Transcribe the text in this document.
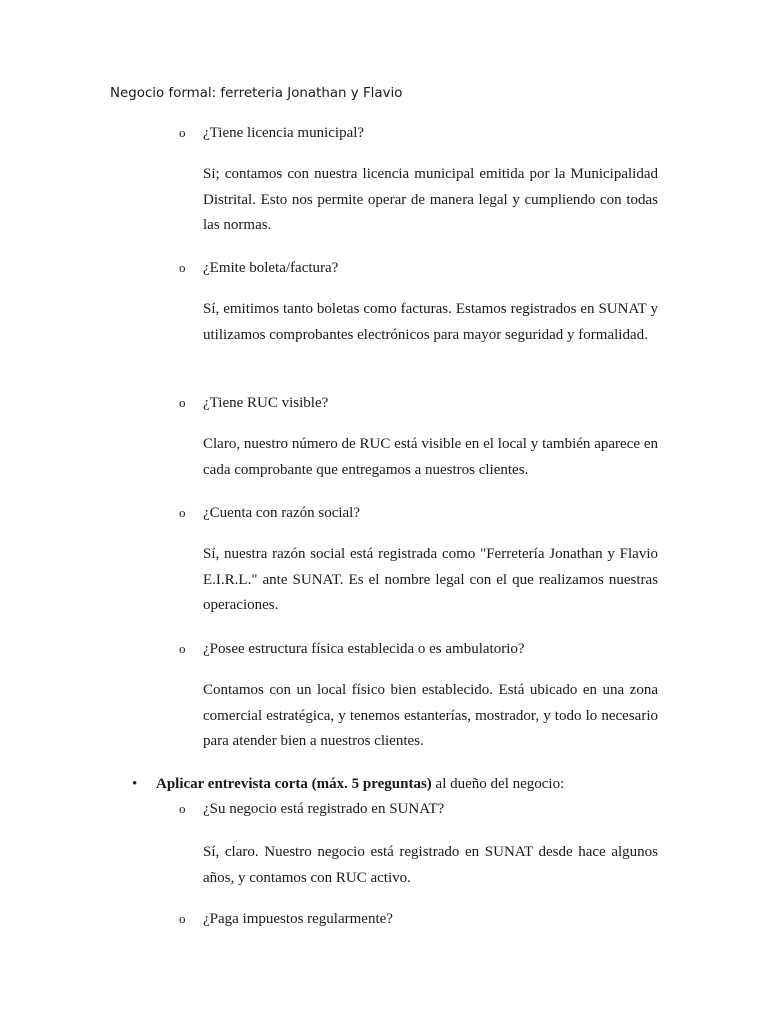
Negocio formal: ferreteria Jonathan y Flavio
o ¿Tiene licencia municipal?
Si; contamos con nuestra licencia municipal emitida por la Municipalidad Distrital. Esto nos permite operar de manera legal y cumpliendo con todas las normas.
o ¿Emite boleta/factura?
Sí, emitimos tanto boletas como facturas. Estamos registrados en SUNAT y utilizamos comprobantes electrónicos para mayor seguridad y formalidad.
o ¿Tiene RUC visible?
Claro, nuestro número de RUC está visible en el local y también aparece en cada comprobante que entregamos a nuestros clientes.
o ¿Cuenta con razón social?
Sí, nuestra razón social está registrada como "Ferretería Jonathan y Flavio E.I.R.L." ante SUNAT. Es el nombre legal con el que realizamos nuestras operaciones.
o ¿Posee estructura física establecida o es ambulatorio?
Contamos con un local físico bien establecido. Está ubicado en una zona comercial estratégica, y tenemos estanterías, mostrador, y todo lo necesario para atender bien a nuestros clientes.
• Aplicar entrevista corta (máx. 5 preguntas) al dueño del negocio:
o ¿Su negocio está registrado en SUNAT?
Sí, claro. Nuestro negocio está registrado en SUNAT desde hace algunos años, y contamos con RUC activo.
o ¿Paga impuestos regularmente?
